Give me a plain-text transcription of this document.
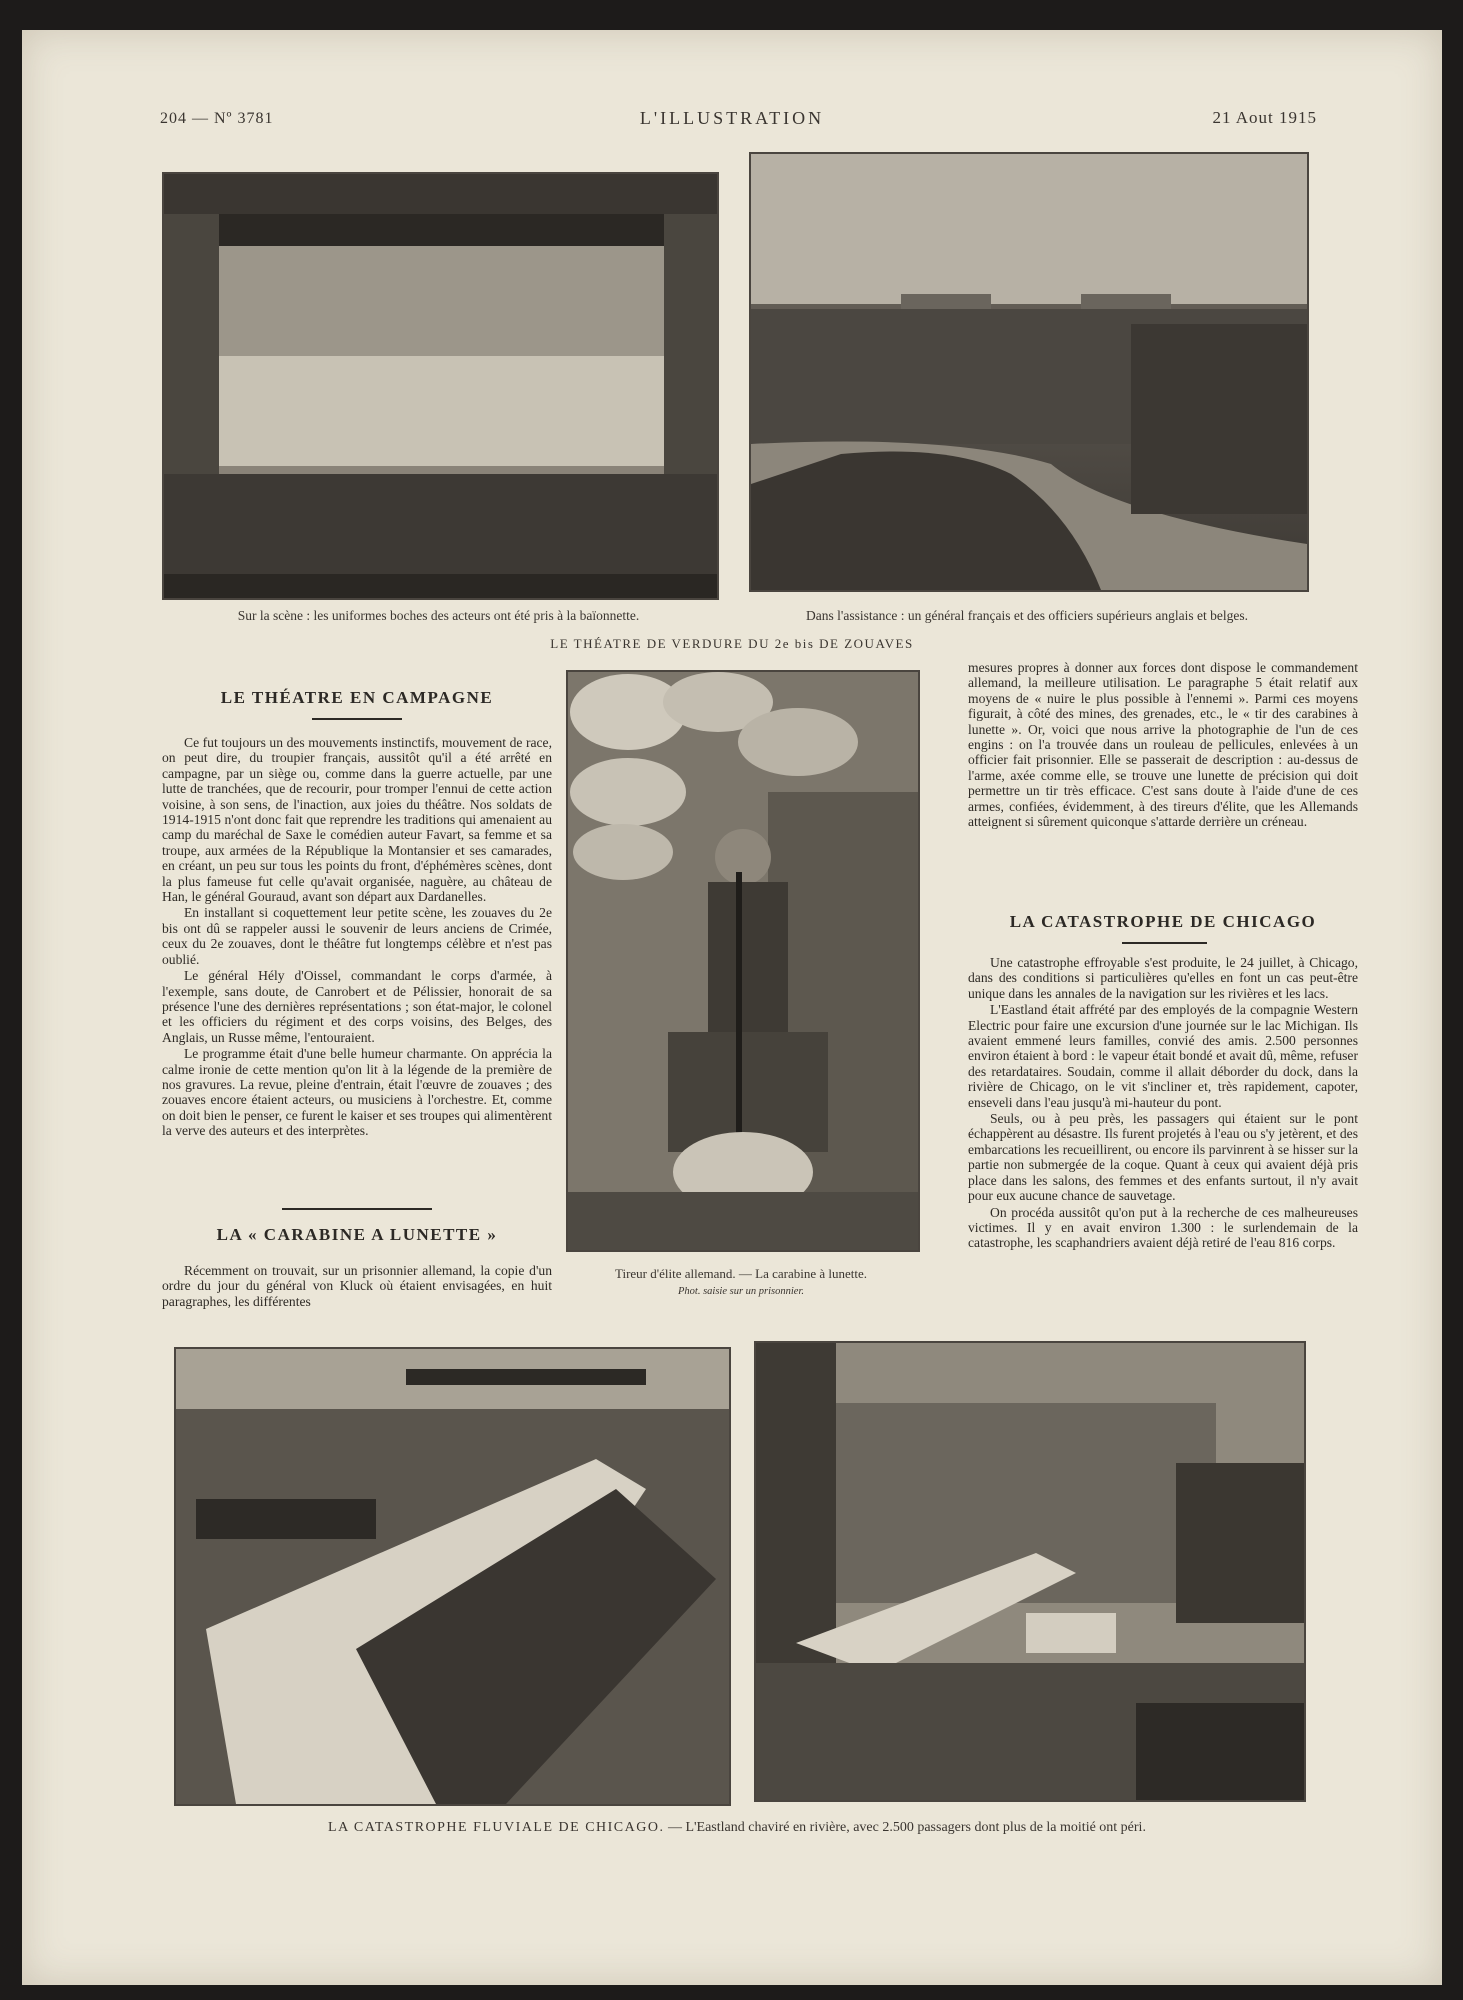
204 — Nº 3781	L'ILLUSTRATION	21 Aout 1915
Sur la scène : les uniformes boches des acteurs ont été pris à la baïonnette.	Dans l'assistance : un général français et des officiers supérieurs anglais et belges.
LE THÉATRE DE VERDURE DU 2e bis DE ZOUAVES
LE THÉATRE EN CAMPAGNE

Ce fut toujours un des mouvements instinctifs, mouvement de race, on peut dire, du troupier français, aussitôt qu'il a été arrêté en campagne, par un siège ou, comme dans la guerre actuelle, par une lutte de tranchées, que de recourir, pour tromper l'ennui de cette action voisine, à son sens, de l'inaction, aux joies du théâtre. Nos soldats de 1914-1915 n'ont donc fait que reprendre les traditions qui amenaient au camp du maréchal de Saxe le comédien auteur Favart, sa femme et sa troupe, aux armées de la République la Montansier et ses camarades, en créant, un peu sur tous les points du front, d'éphémères scènes, dont la plus fameuse fut celle qu'avait organisée, naguère, au château de Han, le général Gouraud, avant son départ aux Dardanelles.

En installant si coquettement leur petite scène, les zouaves du 2e bis ont dû se rappeler aussi le souvenir de leurs anciens de Crimée, ceux du 2e zouaves, dont le théâtre fut longtemps célèbre et n'est pas oublié.

Le général Hély d'Oissel, commandant le corps d'armée, à l'exemple, sans doute, de Canrobert et de Pélissier, honorait de sa présence l'une des dernières représentations ; son état-major, le colonel et les officiers du régiment et des corps voisins, des Belges, des Anglais, un Russe même, l'entouraient.

Le programme était d'une belle humeur charmante. On apprécia la calme ironie de cette mention qu'on lit à la légende de la première de nos gravures. La revue, pleine d'entrain, était l'œuvre de zouaves ; des zouaves encore étaient acteurs, ou musiciens à l'orchestre. Et, comme on doit bien le penser, ce furent le kaiser et ses troupes qui alimentèrent la verve des auteurs et des interprètes.

LA « CARABINE A LUNETTE »

Récemment on trouvait, sur un prisonnier allemand, la copie d'un ordre du jour du général von Kluck où étaient envisagées, en huit paragraphes, les différentes

Tireur d'élite allemand. — La carabine à lunette.
Phot. saisie sur un prisonnier.

mesures propres à donner aux forces dont dispose le commandement allemand, la meilleure utilisation. Le paragraphe 5 était relatif aux moyens de « nuire le plus possible à l'ennemi ». Parmi ces moyens figurait, à côté des mines, des grenades, etc., le « tir des carabines à lunette ». Or, voici que nous arrive la photographie de l'un de ces engins : on l'a trouvée dans un rouleau de pellicules, enlevées à un officier fait prisonnier. Elle se passerait de description : au-dessus de l'arme, axée comme elle, se trouve une lunette de précision qui doit permettre un tir très efficace. C'est sans doute à l'aide d'une de ces armes, confiées, évidemment, à des tireurs d'élite, que les Allemands atteignent si sûrement quiconque s'attarde derrière un créneau.

LA CATASTROPHE DE CHICAGO

Une catastrophe effroyable s'est produite, le 24 juillet, à Chicago, dans des conditions si particulières qu'elles en font un cas peut-être unique dans les annales de la navigation sur les rivières et les lacs.

L'Eastland était affrété par des employés de la compagnie Western Electric pour faire une excursion d'une journée sur le lac Michigan. Ils avaient emmené leurs familles, convié des amis. 2.500 personnes environ étaient à bord : le vapeur était bondé et avait dû, même, refuser des retardataires. Soudain, comme il allait déborder du dock, dans la rivière de Chicago, on le vit s'incliner et, très rapidement, capoter, enseveli dans l'eau jusqu'à mi-hauteur du pont.

Seuls, ou à peu près, les passagers qui étaient sur le pont échappèrent au désastre. Ils furent projetés à l'eau ou s'y jetèrent, et des embarcations les recueillirent, ou encore ils parvinrent à se hisser sur la partie non submergée de la coque. Quant à ceux qui avaient déjà pris place dans les salons, des femmes et des enfants surtout, il n'y avait pour eux aucune chance de sauvetage.

On procéda aussitôt qu'on put à la recherche de ces malheureuses victimes. Il y en avait environ 1.300 : le surlendemain de la catastrophe, les scaphandriers avaient déjà retiré de l'eau 816 corps.

LA CATASTROPHE FLUVIALE DE CHICAGO. — L'Eastland chaviré en rivière, avec 2.500 passagers dont plus de la moitié ont péri.
